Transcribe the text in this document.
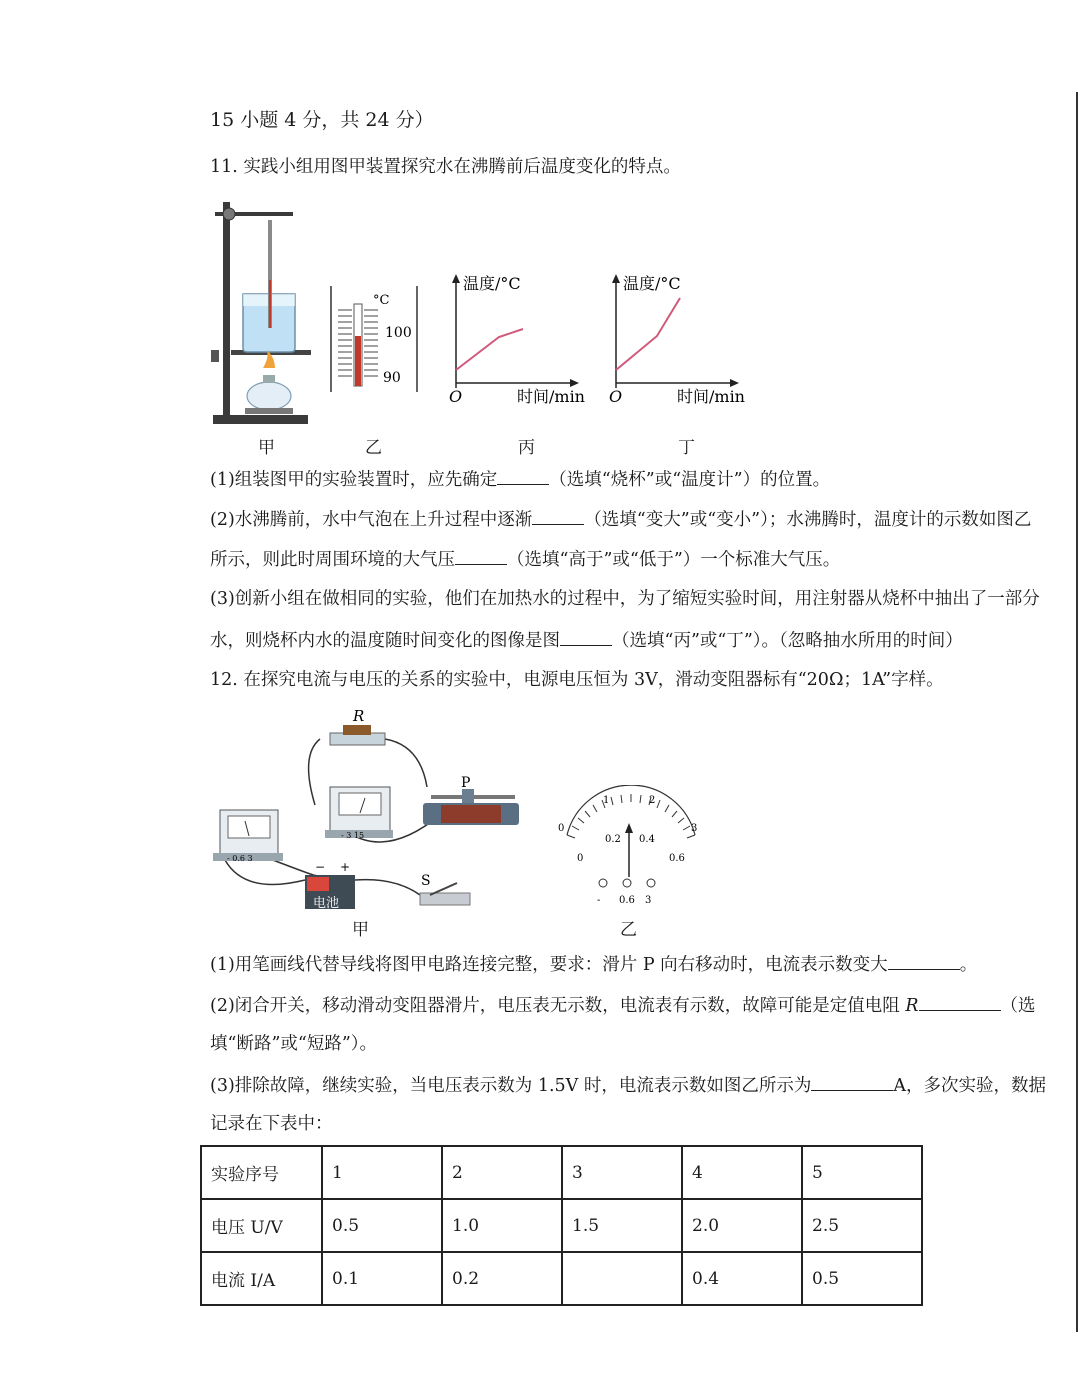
15 小题 4 分，共 24 分）
11. 实践小组用图甲装置探究水在沸腾前后温度变化的特点。
°C
100
90
温度/°C
O	时间/min
温度/°C
O	时间/min
甲	乙	丙	丁
(1)组装图甲的实验装置时，应先确定	（选填“烧杯”或“温度计”）的位置。
(2)水沸腾前，水中气泡在上升过程中逐渐	（选填“变大”或“变小”）；水沸腾时，温度计的示数如图乙
所示，则此时周围环境的大气压	（选填“高于”或“低于”）一个标准大气压。
(3)创新小组在做相同的实验，他们在加热水的过程中，为了缩短实验时间，用注射器从烧杯中抽出了一部分
水，则烧杯内水的温度随时间变化的图像是图	（选填“丙”或“丁”）。（忽略抽水所用的时间）
12. 在探究电流与电压的关系的实验中，电源电压恒为 3V，滑动变阻器标有“20Ω；1A”字样。
R
- 3 15
- 0.6 3
P
电池
− +
S
0
1	2
3
0
0.2 0.4
0.6
- 0.6 3
甲	乙
(1)用笔画线代替导线将图甲电路连接完整，要求：滑片 P 向右移动时，电流表示数变大	。
(2)闭合开关，移动滑动变阻器滑片，电压表无示数，电流表有示数，故障可能是定值电阻 R	（选
填“断路”或“短路”）。
(3)排除故障，继续实验，当电压表示数为 1.5V 时，电流表示数如图乙所示为	A，多次实验，数据
记录在下表中：
实验序号	1	2	3	4	5
电压 U/V	0.5	1.0	1.5	2.0	2.5
电流 I/A	0.1	0.2		0.4	0.5
